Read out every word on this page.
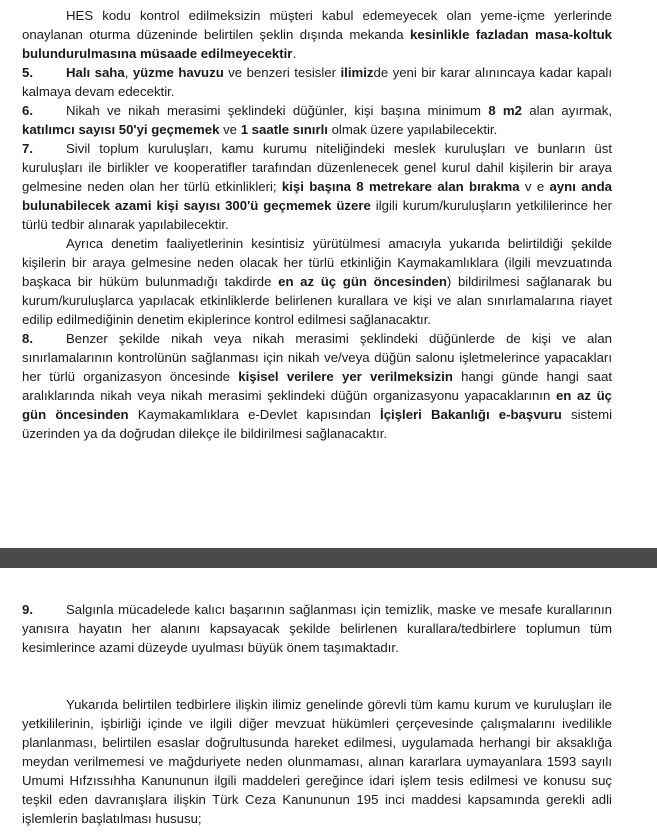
HES kodu kontrol edilmeksizin müşteri kabul edemeyecek olan yeme-içme yerlerinde onaylanan oturma düzeninde belirtilen şeklin dışında mekanda kesinlikle fazladan masa-koltuk bulundurulmasına müsaade edilmeyecektir.

5.	Halı saha, yüzme havuzu ve benzeri tesisler ilimizde yeni bir karar alınıncaya kadar kapalı kalmaya devam edecektir.

6.	Nikah ve nikah merasimi şeklindeki düğünler, kişi başına minimum 8 m2 alan ayırmak, katılımcı sayısı 50'yi geçmemek ve 1 saatle sınırlı olmak üzere yapılabilecektir.

7.	Sivil toplum kuruluşları, kamu kurumu niteliğindeki meslek kuruluşları ve bunların üst kuruluşları ile birlikler ve kooperatifler tarafından düzenlenecek genel kurul dahil kişilerin bir araya gelmesine neden olan her türlü etkinlikleri; kişi başına 8 metrekare alan bırakma v e aynı anda bulunabilecek azami kişi sayısı 300'ü geçmemek üzere ilgili kurum/kuruluşların yetkililerince her türlü tedbir alınarak yapılabilecektir.

Ayrıca denetim faaliyetlerinin kesintisiz yürütülmesi amacıyla yukarıda belirtildiği şekilde kişilerin bir araya gelmesine neden olacak her türlü etkinliğin Kaymakamlıklara (ilgili mevzuatında başkaca bir hüküm bulunmadığı takdirde en az üç gün öncesinden) bildirilmesi sağlanarak bu kurum/kuruluşlarca yapılacak etkinliklerde belirlenen kurallara ve kişi ve alan sınırlamalarına riayet edilip edilmediğinin denetim ekiplerince kontrol edilmesi sağlanacaktır.

8.	Benzer şekilde nikah veya nikah merasimi şeklindeki düğünlerde de kişi ve alan sınırlamalarının kontrolünün sağlanması için nikah ve/veya düğün salonu işletmelerince yapacakları her türlü organizasyon öncesinde kişisel verilere yer verilmeksizin hangi günde hangi saat aralıklarında nikah veya nikah merasimi şeklindeki düğün organizasyonu yapacaklarının en az üç gün öncesinden Kaymakamlıklara e-Devlet kapısından İçişleri Bakanlığı e-başvuru sistemi üzerinden ya da doğrudan dilekçe ile bildirilmesi sağlanacaktır.

9.	Salgınla mücadelede kalıcı başarının sağlanması için temizlik, maske ve mesafe kurallarının yanısıra hayatın her alanını kapsayacak şekilde belirlenen kurallara/tedbirlere toplumun tüm kesimlerince azami düzeyde uyulması büyük önem taşımaktadır.

Yukarıda belirtilen tedbirlere ilişkin ilimiz genelinde görevli tüm kamu kurum ve kuruluşları ile yetkililerinin, işbirliği içinde ve ilgili diğer mevzuat hükümleri çerçevesinde çalışmalarını ivedilikle planlanması, belirtilen esaslar doğrultusunda hareket edilmesi, uygulamada herhangi bir aksaklığa meydan verilmemesi ve mağduriyete neden olunmaması, alınan kararlara uymayanlara 1593 sayılı Umumi Hıfzıssıhha Kanununun ilgili maddeleri gereğince idari işlem tesis edilmesi ve konusu suç teşkil eden davranışlara ilişkin Türk Ceza Kanununun 195 inci maddesi kapsamında gerekli adli işlemlerin başlatılması hususu;
